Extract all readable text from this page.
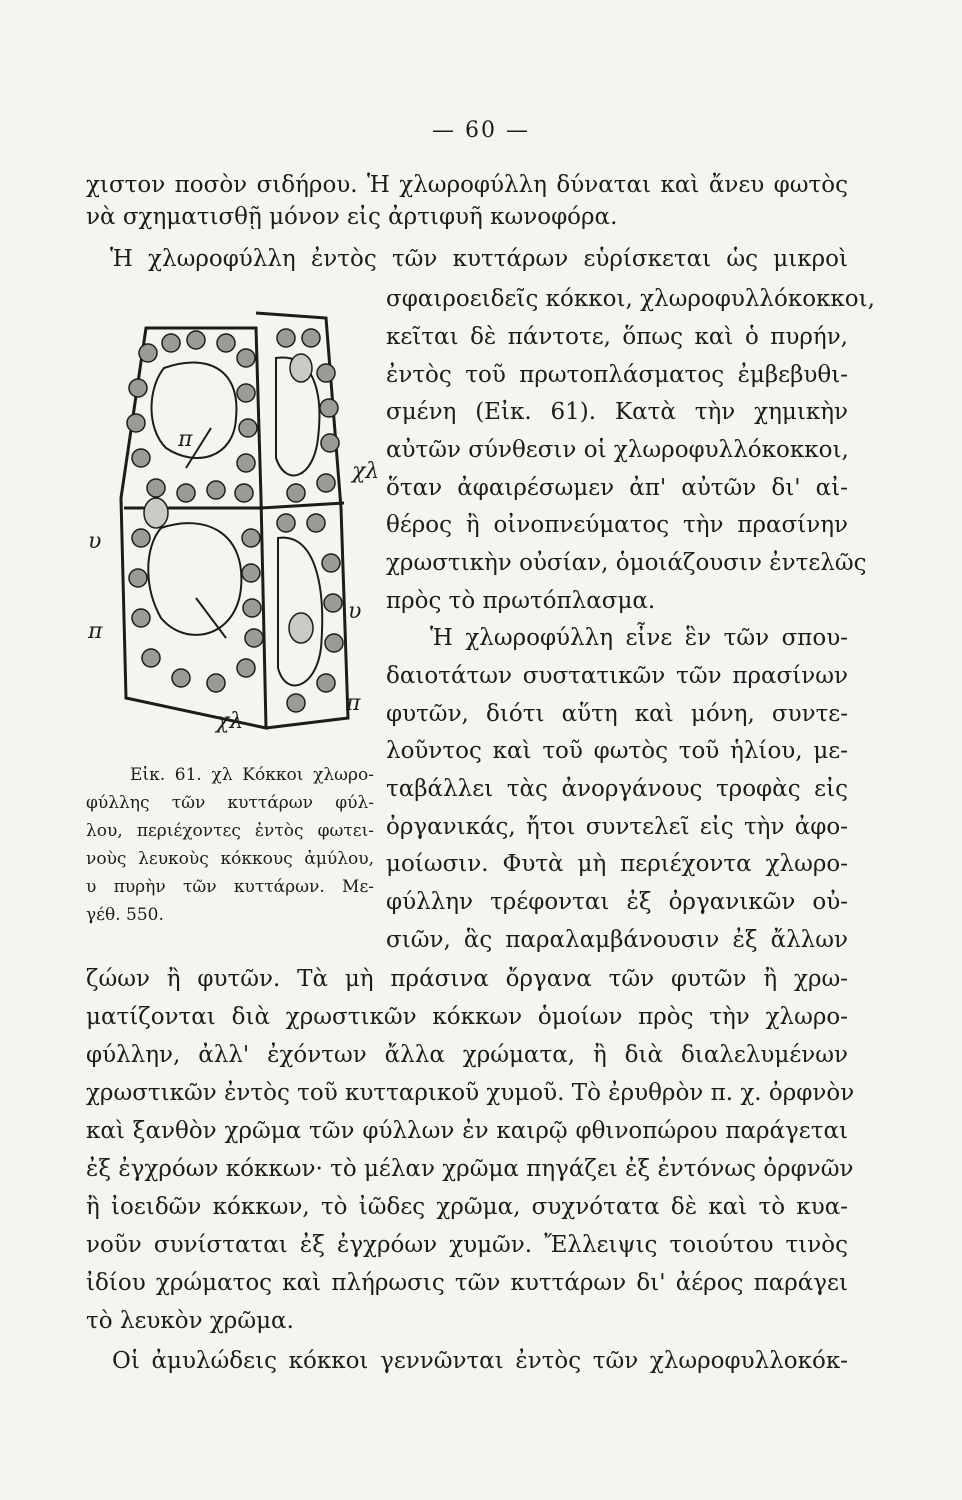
— 60 —
χιστον ποσὸν σιδήρου. Ἡ χλωροφύλλη δύναται καὶ ἄνευ φωτὸς
νὰ σχηματισθῇ μόνον εἰς ἀρτιφυῆ κωνοφόρα.
Ἡ χλωροφύλλη ἐντὸς τῶν κυττάρων εὑρίσκεται ὡς μικροὶ
σφαιροειδεῖς κόκκοι, χλωροφυλλόκοκκοι,
κεῖται δὲ πάντοτε, ὅπως καὶ ὁ πυρήν,
ἐντὸς τοῦ πρωτοπλάσματος ἐμβεβυθι-
σμένη (Εἰκ. 61). Κατὰ τὴν χημικὴν
αὐτῶν σύνθεσιν οἱ χλωροφυλλόκοκκοι,
ὅταν ἀφαιρέσωμεν ἀπ' αὐτῶν δι' αἰ-
θέρος ἢ οἰνοπνεύματος τὴν πρασίνην
χρωστικὴν οὐσίαν, ὁμοιάζουσιν ἐντελῶς
πρὸς τὸ πρωτόπλασμα.
Ἡ χλωροφύλλη εἶνε ἓν τῶν σπου-
δαιοτάτων συστατικῶν τῶν πρασίνων
φυτῶν, διότι αὕτη καὶ μόνη, συντε-
λοῦντος καὶ τοῦ φωτὸς τοῦ ἡλίου, με-
ταβάλλει τὰς ἀνοργάνους τροφὰς εἰς
ὀργανικάς, ἤτοι συντελεῖ εἰς τὴν ἀφο-
μοίωσιν. Φυτὰ μὴ περιέχοντα χλωρο-
φύλλην τρέφονται ἐξ ὀργανικῶν οὐ-
σιῶν, ἃς παραλαμβάνουσιν ἐξ ἄλλων
π
π
υ
υ
χλ
χλ
π
Εἰκ. 61. χλ Κόκκοι χλωρο-
φύλλης τῶν κυττάρων φύλ-
λου, περιέχοντες ἐντὸς φωτει-
νοὺς λευκοὺς κόκκους ἀμύλου,
υ πυρὴν τῶν κυττάρων. Με-
γέθ. 550.
ζώων ἢ φυτῶν. Τὰ μὴ πράσινα ὄργανα τῶν φυτῶν ἢ χρω-
ματίζονται διὰ χρωστικῶν κόκκων ὁμοίων πρὸς τὴν χλωρο-
φύλλην, ἀλλ' ἐχόντων ἄλλα χρώματα, ἢ διὰ διαλελυμένων
χρωστικῶν ἐντὸς τοῦ κυτταρικοῦ χυμοῦ. Τὸ ἐρυθρὸν π. χ. ὀρφνὸν
καὶ ξανθὸν χρῶμα τῶν φύλλων ἐν καιρῷ φθινοπώρου παράγεται
ἐξ ἐγχρόων κόκκων· τὸ μέλαν χρῶμα πηγάζει ἐξ ἐντόνως ὀρφνῶν
ἢ ἰοειδῶν κόκκων, τὸ ἰῶδες χρῶμα, συχνότατα δὲ καὶ τὸ κυα-
νοῦν συνίσταται ἐξ ἐγχρόων χυμῶν. Ἔλλειψις τοιούτου τινὸς
ἰδίου χρώματος καὶ πλήρωσις τῶν κυττάρων δι' ἀέρος παράγει
τὸ λευκὸν χρῶμα.
Οἱ ἀμυλώδεις κόκκοι γεννῶνται ἐντὸς τῶν χλωροφυλλοκόκ-
